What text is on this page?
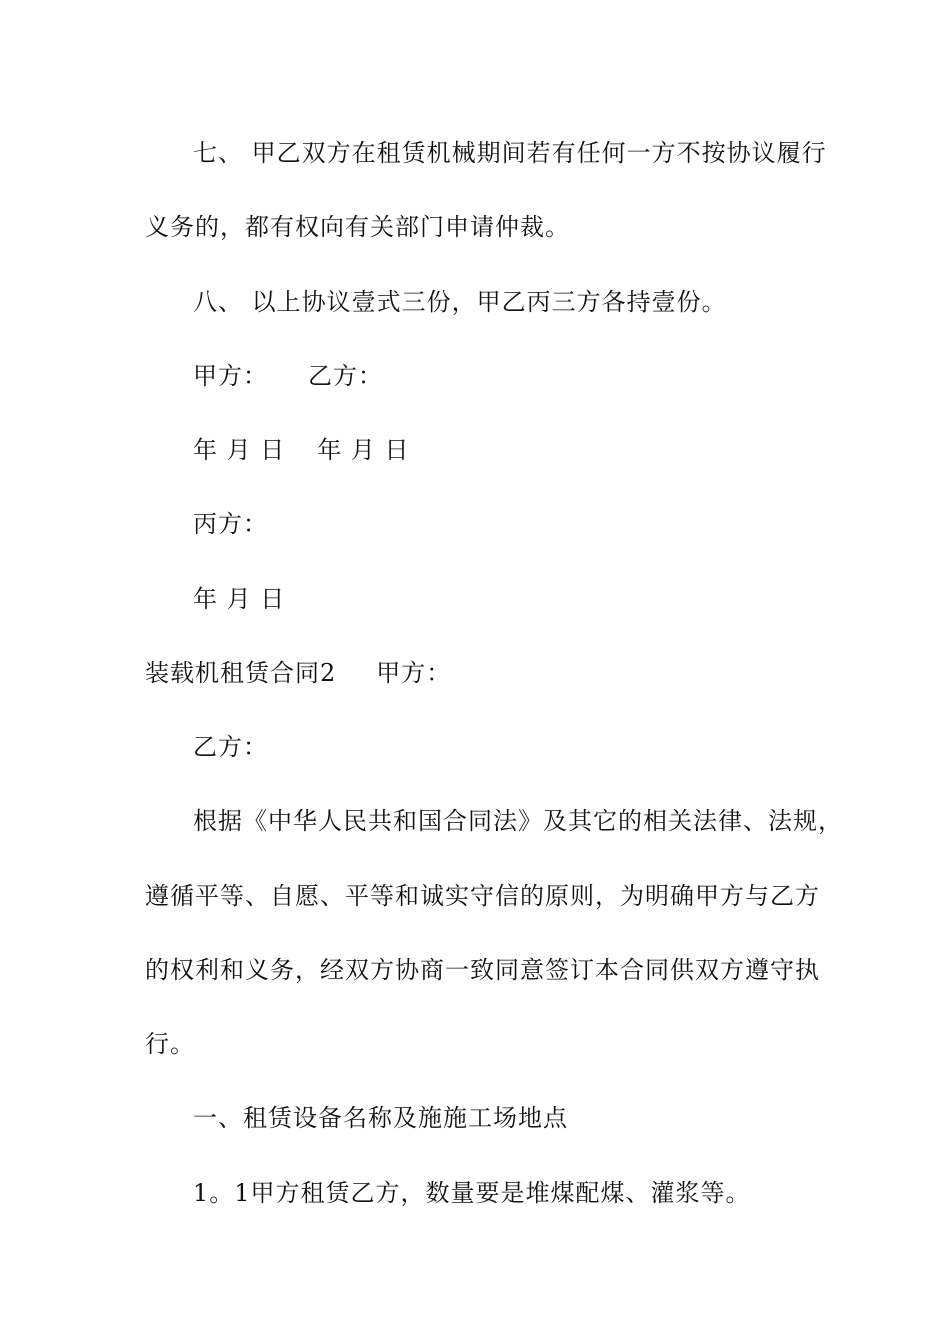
七、 甲乙双方在租赁机械期间若有任何一方不按协议履行
义务的，都有权向有关部门申请仲裁。
八、 以上协议壹式三份，甲乙丙三方各持壹份。
甲方： 乙方：
年 月 日 年 月 日
丙方：
年 月 日
装载机租赁合同2 甲方：
乙方：
根据《中华人民共和国合同法》及其它的相关法律、法规，
遵循平等、自愿、平等和诚实守信的原则，为明确甲方与乙方
的权利和义务，经双方协商一致同意签订本合同供双方遵守执
行。
一、租赁设备名称及施施工场地点
1。1甲方租赁乙方，数量要是堆煤配煤、灌浆等。
